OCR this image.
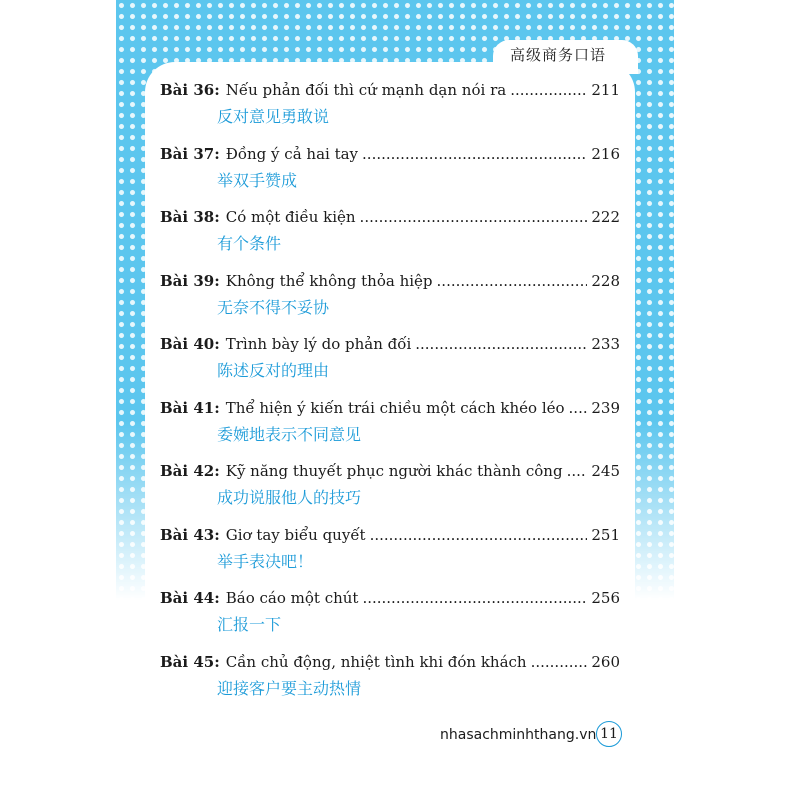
高级商务口语
Bài 36: Nếu phản đối thì cứ mạnh dạn nói ra .....	211
反对意见勇敢说
Bài 37: Đồng ý cả hai tay .....	216
举双手赞成
Bài 38: Có một điều kiện .....	222
有个条件
Bài 39: Không thể không thỏa hiệp .....	228
无奈不得不妥协
Bài 40: Trình bày lý do phản đối .....	233
陈述反对的理由
Bài 41: Thể hiện ý kiến trái chiều một cách khéo léo ..... 239
委婉地表示不同意见
Bài 42: Kỹ năng thuyết phục người khác thành công ..... 245
成功说服他人的技巧
Bài 43: Giơ tay biểu quyết .....	251
举手表决吧！
Bài 44: Báo cáo một chút .....	256
汇报一下
Bài 45: Cần chủ động, nhiệt tình khi đón khách .....	260
迎接客户要主动热情
nhasachminhthang.vn 11
